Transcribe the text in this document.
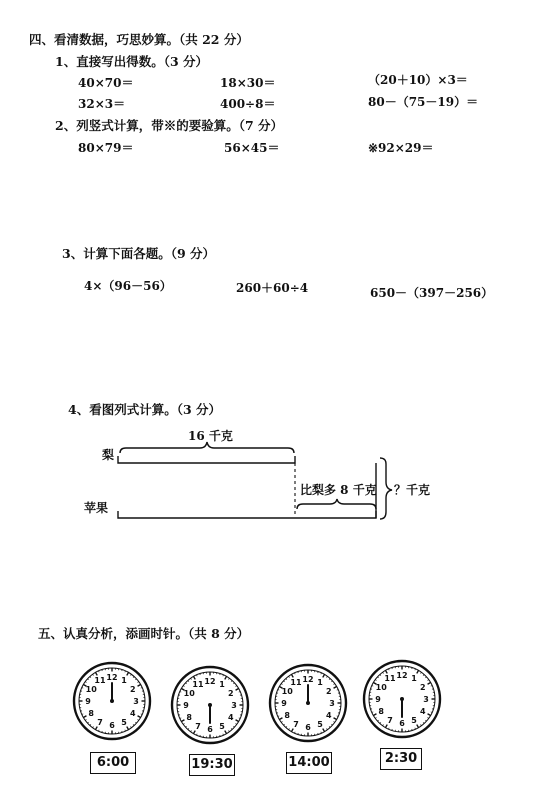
四、看清数据，巧思妙算。（共 22 分）
1、直接写出得数。（3 分）
40×70＝	18×30＝	（20＋10）×3＝
32×3＝	400÷8＝	80－（75－19）＝
2、列竖式计算，带※的要验算。（7 分）
80×79＝	56×45＝	※92×29＝
3、计算下面各题。（9 分）
4×（96－56）	260＋60÷4	650－（397－256）
4、看图列式计算。（3 分）
16 千克
梨
苹果
比梨多 8 千克 ？千克
五、认真分析，添画时针。（共 8 分）
12 1
2
3
4
5
6
7
8
9
10
11	12 1
2
3
4
5
6
7
8
9
10
11
12 1
2
3
4
5
6
7
8
9
10
11
12 1
2
3
4
5
6
7
8
9
10
11
6:00	19:30	14:00	2:30
